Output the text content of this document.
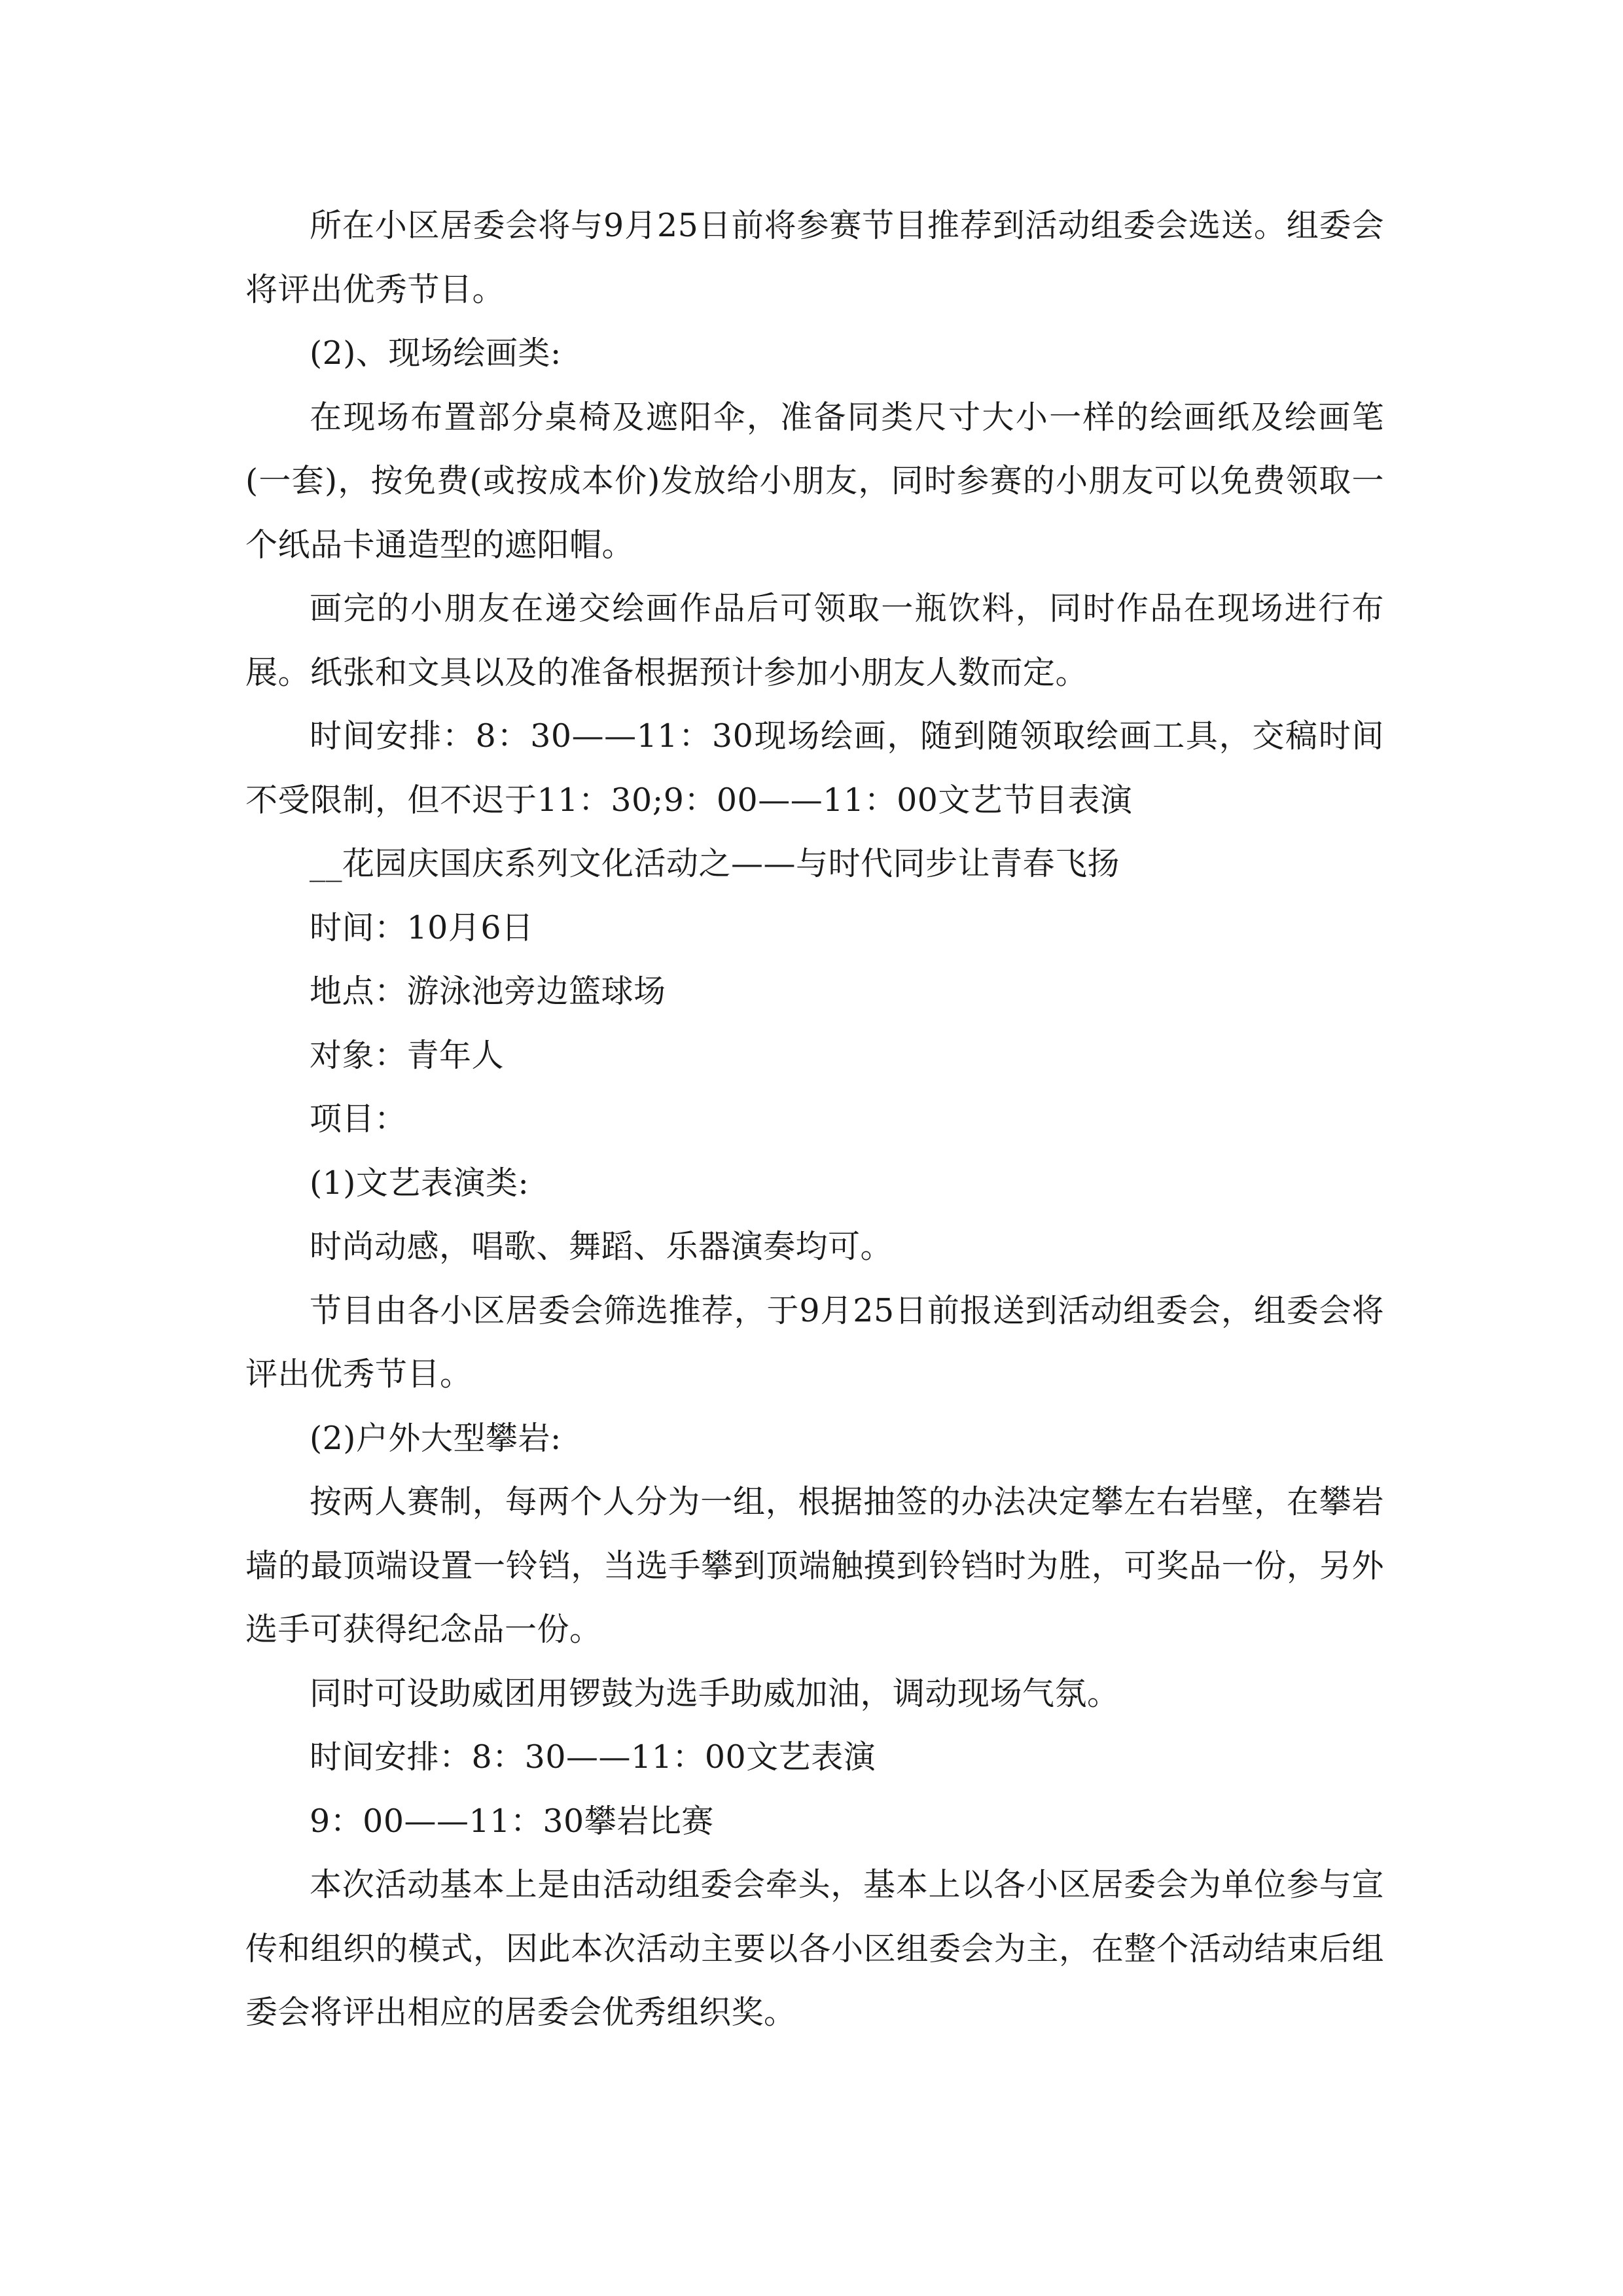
所在小区居委会将与9月25日前将参赛节目推荐到活动组委会选送。组委会将评出优秀节目。

(2)、现场绘画类:

在现场布置部分桌椅及遮阳伞，准备同类尺寸大小一样的绘画纸及绘画笔(一套)，按免费(或按成本价)发放给小朋友，同时参赛的小朋友可以免费领取一个纸品卡通造型的遮阳帽。

画完的小朋友在递交绘画作品后可领取一瓶饮料，同时作品在现场进行布展。纸张和文具以及的准备根据预计参加小朋友人数而定。

时间安排：8：30——11：30现场绘画，随到随领取绘画工具，交稿时间不受限制，但不迟于11：30;9：00——11：00文艺节目表演

__花园庆国庆系列文化活动之——与时代同步让青春飞扬

时间：10月6日

地点：游泳池旁边篮球场

对象：青年人

项目：

(1)文艺表演类:

时尚动感，唱歌、舞蹈、乐器演奏均可。

节目由各小区居委会筛选推荐，于9月25日前报送到活动组委会，组委会将评出优秀节目。

(2)户外大型攀岩:

按两人赛制，每两个人分为一组，根据抽签的办法决定攀左右岩壁，在攀岩墙的最顶端设置一铃铛，当选手攀到顶端触摸到铃铛时为胜，可奖品一份，另外选手可获得纪念品一份。

同时可设助威团用锣鼓为选手助威加油，调动现场气氛。

时间安排：8：30——11：00文艺表演

9：00——11：30攀岩比赛

本次活动基本上是由活动组委会牵头，基本上以各小区居委会为单位参与宣传和组织的模式，因此本次活动主要以各小区组委会为主，在整个活动结束后组委会将评出相应的居委会优秀组织奖。
